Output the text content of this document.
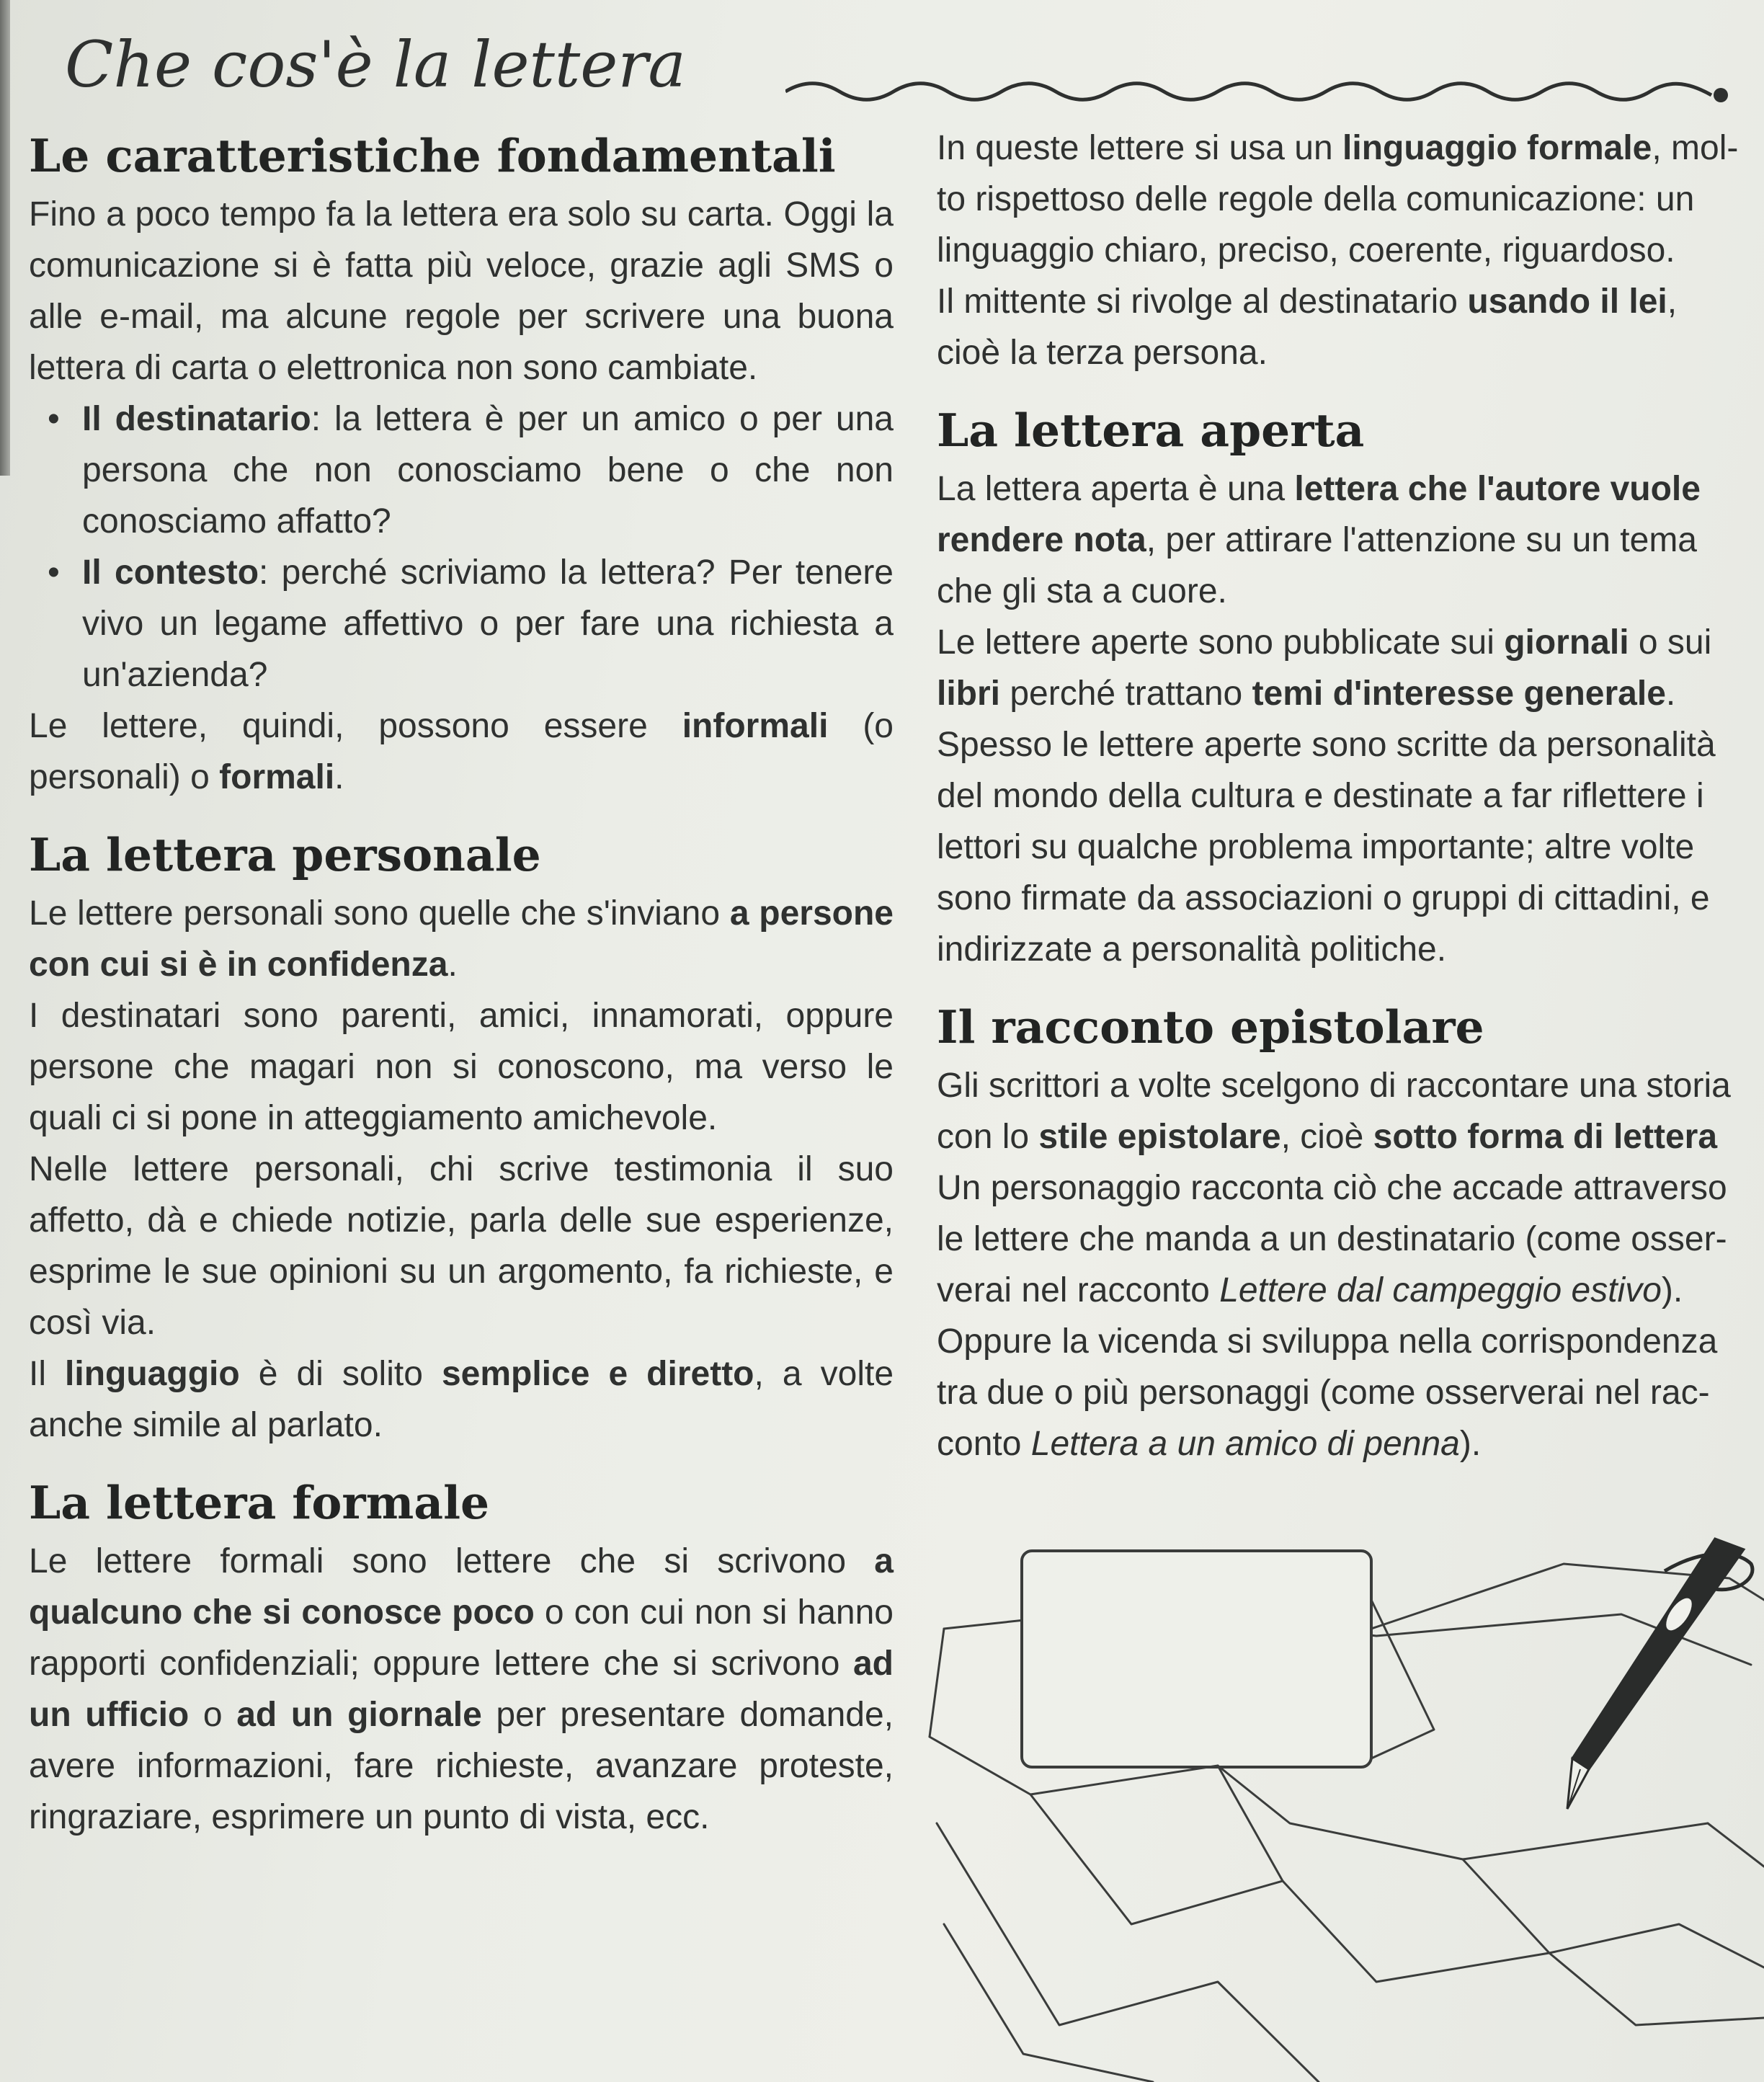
Che cos'è la lettera
Le caratteristiche fondamentali

Fino a poco tempo fa la lettera era solo su carta. Oggi la comunicazione si è fatta più veloce, grazie agli SMS o alle e-mail, ma alcune regole per scrivere una buona lettera di carta o elettronica non sono cambiate.

• Il destinatario: la lettera è per un amico o per una persona che non conosciamo bene o che non conosciamo affatto?
• Il contesto: perché scriviamo la lettera? Per tenere vivo un legame affettivo o per fare una richiesta a un'azienda?

Le lettere, quindi, possono essere informali (o personali) o formali.

La lettera personale

Le lettere personali sono quelle che s'inviano a persone con cui si è in confidenza.

I destinatari sono parenti, amici, innamorati, oppure persone che magari non si conoscono, ma verso le quali ci si pone in atteggiamento amichevole.

Nelle lettere personali, chi scrive testimonia il suo affetto, dà e chiede notizie, parla delle sue esperienze, esprime le sue opinioni su un argomento, fa richieste, e così via.

Il linguaggio è di solito semplice e diretto, a volte anche simile al parlato.

La lettera formale

Le lettere formali sono lettere che si scrivono a qualcuno che si conosce poco o con cui non si hanno rapporti confidenziali; oppure lettere che si scrivono ad un ufficio o ad un giornale per presentare domande, avere informazioni, fare richieste, avanzare proteste, ringraziare, esprimere un punto di vista, ecc.

In queste lettere si usa un linguaggio formale, mol-

to rispettoso delle regole della comunicazione: un

linguaggio chiaro, preciso, coerente, riguardoso.

Il mittente si rivolge al destinatario usando il lei,

cioè la terza persona.

La lettera aperta

La lettera aperta è una lettera che l'autore vuole

rendere nota, per attirare l'attenzione su un tema

che gli sta a cuore.

Le lettere aperte sono pubblicate sui giornali o sui

libri perché trattano temi d'interesse generale.

Spesso le lettere aperte sono scritte da personalità

del mondo della cultura e destinate a far riflettere i

lettori su qualche problema importante; altre volte

sono firmate da associazioni o gruppi di cittadini, e

indirizzate a personalità politiche.

Il racconto epistolare

Gli scrittori a volte scelgono di raccontare una storia

con lo stile epistolare, cioè sotto forma di lettera

Un personaggio racconta ciò che accade attraverso

le lettere che manda a un destinatario (come osser-

verai nel racconto Lettere dal campeggio estivo).

Oppure la vicenda si sviluppa nella corrispondenza

tra due o più personaggi (come osserverai nel rac-

conto Lettera a un amico di penna).
